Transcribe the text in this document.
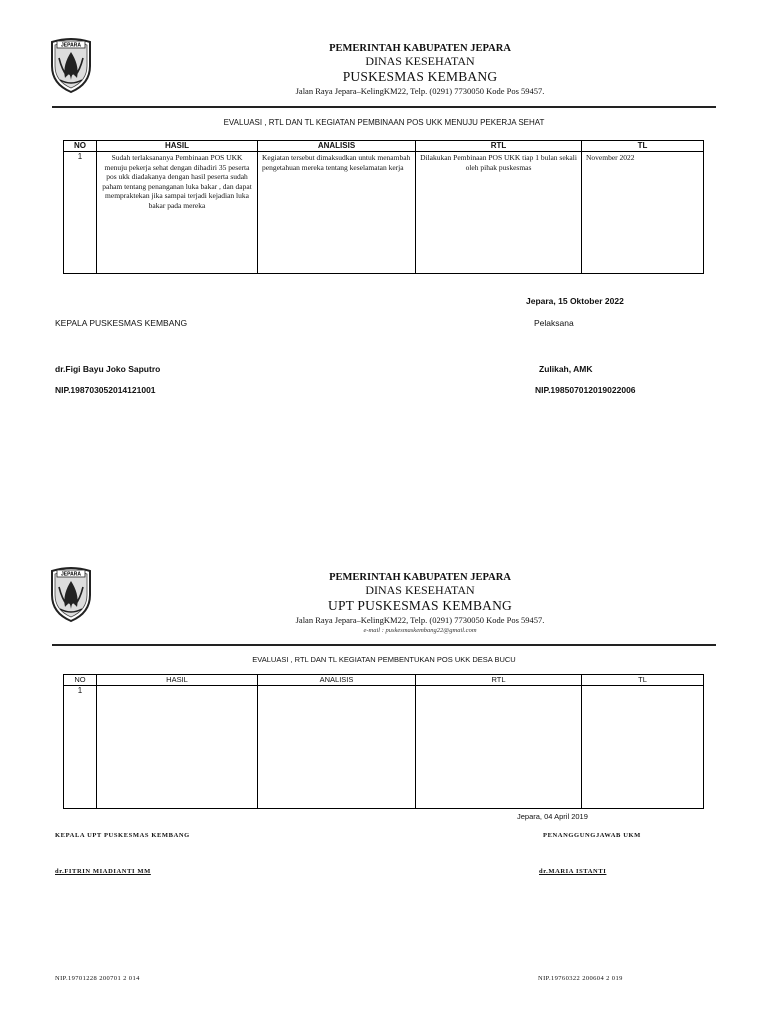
JEPARA	PEMERINTAH KABUPATEN JEPARA
DINAS KESEHATAN
PUSKESMAS KEMBANG
Jalan Raya Jepara–KelingKM22, Telp. (0291) 7730050 Kode Pos 59457.
EVALUASI , RTL DAN TL KEGIATAN PEMBINAAN POS UKK MENUJU PEKERJA SEHAT
NO	HASIL	ANALISIS	RTL	TL
1	Sudah terlaksananya Pembinaan POS UKK menuju pekerja sehat dengan dihadiri 35 peserta pos ukk diadakanya dengan hasil peserta sudah paham tentang penanganan luka bakar , dan dapat mempraktekan jika sampai terjadi kejadian luka bakar pada mereka	Kegiatan tersebut dimaksudkan untuk menambah pengetahuan mereka tentang keselamatan kerja	Dilakukan Pembinaan POS UKK tiap 1 bulan sekali oleh pihak puskesmas	November 2022
Jepara, 15 Oktober 2022
KEPALA PUSKESMAS KEMBANG	Pelaksana
dr.Figi Bayu Joko Saputro	Zulikah, AMK
NIP.198703052014121001	NIP.198507012019022006
JEPARA	PEMERINTAH KABUPATEN JEPARA
DINAS KESEHATAN
UPT PUSKESMAS KEMBANG
Jalan Raya Jepara–KelingKM22, Telp. (0291) 7730050 Kode Pos 59457.
e-mail : puskesmaskembang22@gmail.com
EVALUASI , RTL DAN TL KEGIATAN PEMBENTUKAN POS UKK DESA BUCU
NO	HASIL	ANALISIS	RTL	TL
1	

Jepara, 04 April 2019
KEPALA UPT PUSKESMAS KEMBANG	PENANGGUNGJAWAB UKM
dr.FITRIN MIADIANTI MM	dr.MARIA ISTANTI
NIP.19701228 200701 2 014	NIP.19760322 200604 2 019
